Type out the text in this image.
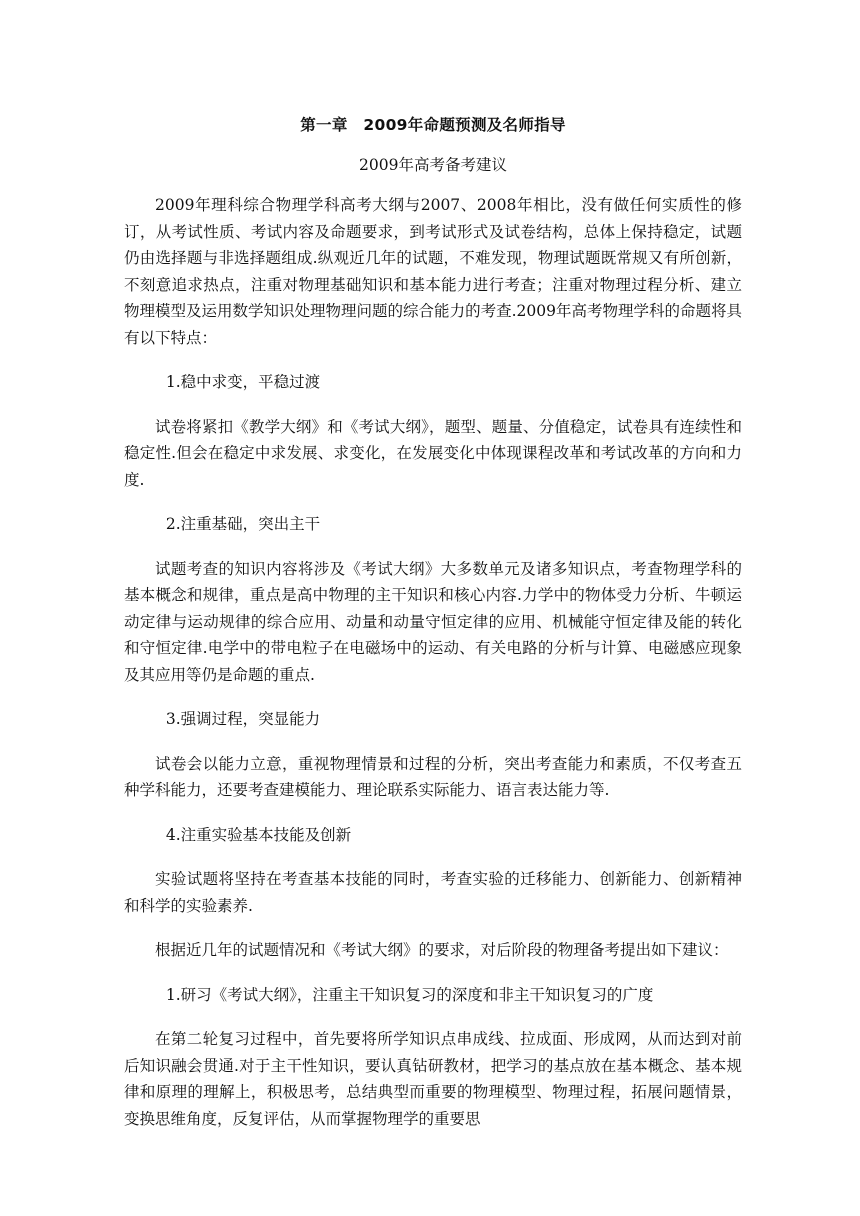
第一章　2009年命题预测及名师指导
2009年高考备考建议

2009年理科综合物理学科高考大纲与2007、2008年相比，没有做任何实质性的修订，从考试性质、考试内容及命题要求，到考试形式及试卷结构，总体上保持稳定，试题仍由选择题与非选择题组成.纵观近几年的试题，不难发现，物理试题既常规又有所创新，不刻意追求热点，注重对物理基础知识和基本能力进行考查；注重对物理过程分析、建立物理模型及运用数学知识处理物理问题的综合能力的考查.2009年高考物理学科的命题将具有以下特点：

1.稳中求变，平稳过渡

试卷将紧扣《教学大纲》和《考试大纲》，题型、题量、分值稳定，试卷具有连续性和稳定性.但会在稳定中求发展、求变化，在发展变化中体现课程改革和考试改革的方向和力度.

2.注重基础，突出主干

试题考查的知识内容将涉及《考试大纲》大多数单元及诸多知识点，考查物理学科的基本概念和规律，重点是高中物理的主干知识和核心内容.力学中的物体受力分析、牛顿运动定律与运动规律的综合应用、动量和动量守恒定律的应用、机械能守恒定律及能的转化和守恒定律.电学中的带电粒子在电磁场中的运动、有关电路的分析与计算、电磁感应现象及其应用等仍是命题的重点.

3.强调过程，突显能力

试卷会以能力立意，重视物理情景和过程的分析，突出考查能力和素质，不仅考查五种学科能力，还要考查建模能力、理论联系实际能力、语言表达能力等.

4.注重实验基本技能及创新

实验试题将坚持在考查基本技能的同时，考查实验的迁移能力、创新能力、创新精神和科学的实验素养.

根据近几年的试题情况和《考试大纲》的要求，对后阶段的物理备考提出如下建议：

1.研习《考试大纲》，注重主干知识复习的深度和非主干知识复习的广度

在第二轮复习过程中，首先要将所学知识点串成线、拉成面、形成网，从而达到对前后知识融会贯通.对于主干性知识，要认真钻研教材，把学习的基点放在基本概念、基本规律和原理的理解上，积极思考，总结典型而重要的物理模型、物理过程，拓展问题情景，变换思维角度，反复评估，从而掌握物理学的重要思
